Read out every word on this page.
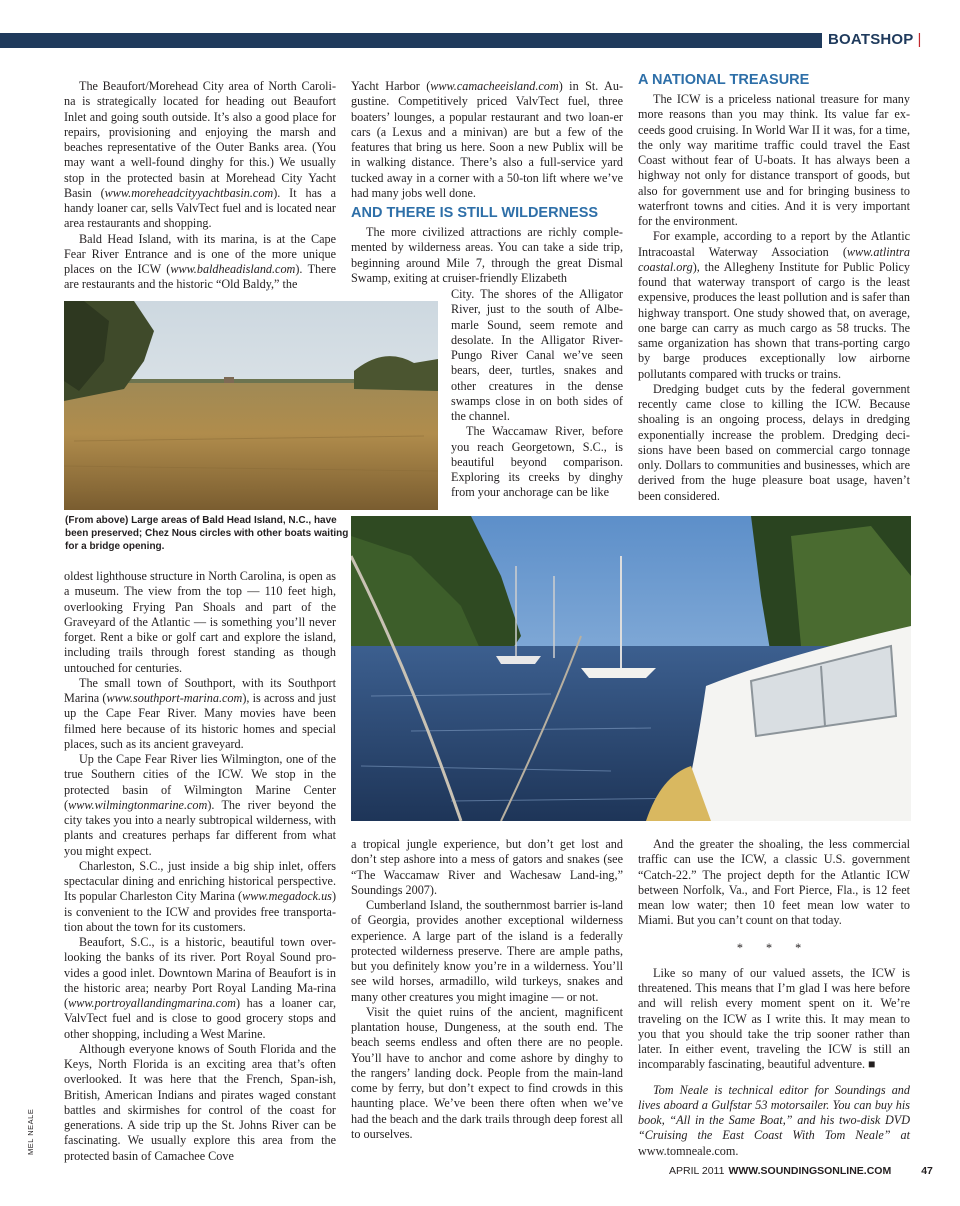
BOATSHOP |

The Beaufort/Morehead City area of North Caroli-na is strategically located for heading out Beaufort Inlet and going south outside. It’s also a good place for repairs, provisioning and enjoying the marsh and beaches representative of the Outer Banks area. (You may want a well-found dinghy for this.) We usually stop in the protected basin at Morehead City Yacht Basin (www.moreheadcityyachtbasin.com). It has a handy loaner car, sells ValvTect fuel and is located near area restaurants and shopping.

Bald Head Island, with its marina, is at the Cape Fear River Entrance and is one of the more unique places on the ICW (www.baldheadisland.com). There are restaurants and the historic “Old Baldy,” the

(From above) Large areas of Bald Head Island, N.C., have been preserved; Chez Nous circles with other boats waiting for a bridge opening.

oldest lighthouse structure in North Carolina, is open as a museum. The view from the top — 110 feet high, overlooking Frying Pan Shoals and part of the Graveyard of the Atlantic — is something you’ll never forget. Rent a bike or golf cart and explore the island, including trails through forest standing as though untouched for centuries.

The small town of Southport, with its Southport Marina (www.southport-marina.com), is across and just up the Cape Fear River. Many movies have been filmed here because of its historic homes and special places, such as its ancient graveyard.

Up the Cape Fear River lies Wilmington, one of the true Southern cities of the ICW. We stop in the protected basin of Wilmington Marine Center (www.wilmingtonmarine.com). The river beyond the city takes you into a nearly subtropical wilderness, with plants and creatures perhaps far different from what you might expect.

Charleston, S.C., just inside a big ship inlet, offers spectacular dining and enriching historical perspective. Its popular Charleston City Marina (www.megadock.us) is convenient to the ICW and provides free transporta-tion about the town for its customers.

Beaufort, S.C., is a historic, beautiful town over-looking the banks of its river. Port Royal Sound pro-vides a good inlet. Downtown Marina of Beaufort is in the historic area; nearby Port Royal Landing Ma-rina (www.portroyallandingmarina.com) has a loaner car, ValvTect fuel and is close to good grocery stops and other shopping, including a West Marine.

Although everyone knows of South Florida and the Keys, North Florida is an exciting area that’s often overlooked. It was here that the French, Span-ish, British, American Indians and pirates waged constant battles and skirmishes for control of the coast for generations. A side trip up the St. Johns River can be fascinating. We usually explore this area from the protected basin of Camachee Cove

MEL NEALE

Yacht Harbor (www.camacheeisland.com) in St. Au-gustine. Competitively priced ValvTect fuel, three boaters’ lounges, a popular restaurant and two loan-er cars (a Lexus and a minivan) are but a few of the features that bring us here. Soon a new Publix will be in walking distance. There’s also a full-service yard tucked away in a corner with a 50-ton lift where we’ve had many jobs well done.

AND THERE IS STILL WILDERNESS

The more civilized attractions are richly comple-mented by wilderness areas. You can take a side trip, beginning around Mile 7, through the great Dismal Swamp, exiting at cruiser-friendly Elizabeth

City. The shores of the Alligator River, just to the south of Albe-marle Sound, seem remote and desolate. In the Alligator River-Pungo River Canal we’ve seen bears, deer, turtles, snakes and other creatures in the dense swamps close in on both sides of the channel.

The Waccamaw River, before you reach Georgetown, S.C., is beautiful beyond comparison. Exploring its creeks by dinghy from your anchorage can be like

a tropical jungle experience, but don’t get lost and don’t step ashore into a mess of gators and snakes (see “The Waccamaw River and Wachesaw Land-ing,” Soundings 2007).

Cumberland Island, the southernmost barrier is-land of Georgia, provides another exceptional wilderness experience. A large part of the island is a federally protected wilderness preserve. There are ample paths, but you definitely know you’re in a wilderness. You’ll see wild horses, armadillo, wild turkeys, snakes and many other creatures you might imagine — or not.

Visit the quiet ruins of the ancient, magnificent plantation house, Dungeness, at the south end. The beach seems endless and often there are no people. You’ll have to anchor and come ashore by dinghy to the rangers’ landing dock. People from the main-land come by ferry, but don’t expect to find crowds in this haunting place. We’ve been there often when we’ve had the beach and the dark trails through deep forest all to ourselves.

A NATIONAL TREASURE

The ICW is a priceless national treasure for many more reasons than you may think. Its value far ex-ceeds good cruising. In World War II it was, for a time, the only way maritime traffic could travel the East Coast without fear of U-boats. It has always been a highway not only for distance transport of goods, but also for government use and for bringing business to waterfront towns and cities. And it is very important for the environment.

For example, according to a report by the Atlantic Intracoastal Waterway Association (www.atlintra coastal.org), the Allegheny Institute for Public Policy found that waterway transport of cargo is the least expensive, produces the least pollution and is safer than highway transport. One study showed that, on average, one barge can carry as much cargo as 58 trucks. The same organization has shown that trans-porting cargo by barge produces exceptionally low airborne pollutants compared with trucks or trains.

Dredging budget cuts by the federal government recently came close to killing the ICW. Because shoaling is an ongoing process, delays in dredging exponentially increase the problem. Dredging deci-sions have been based on commercial cargo tonnage only. Dollars to communities and businesses, which are derived from the huge pleasure boat usage, haven’t been considered.

And the greater the shoaling, the less commercial traffic can use the ICW, a classic U.S. government “Catch-22.” The project depth for the Atlantic ICW between Norfolk, Va., and Fort Pierce, Fla., is 12 feet mean low water; then 10 feet mean low water to Miami. But you can’t count on that today.

* * *

Like so many of our valued assets, the ICW is threatened. This means that I’m glad I was here before and will relish every moment spent on it. We’re traveling on the ICW as I write this. It may mean to you that you should take the trip sooner rather than later. In either event, traveling the ICW is still an incomparably fascinating, beautiful adventure. ■

Tom Neale is technical editor for Soundings and lives aboard a Gulfstar 53 motorsailer. You can buy his book, “All in the Same Boat,” and his two-disk DVD “Cruising the East Coast With Tom Neale” at www.tomneale.com.

APRIL 2011 WWW.SOUNDINGSONLINE.COM	47
